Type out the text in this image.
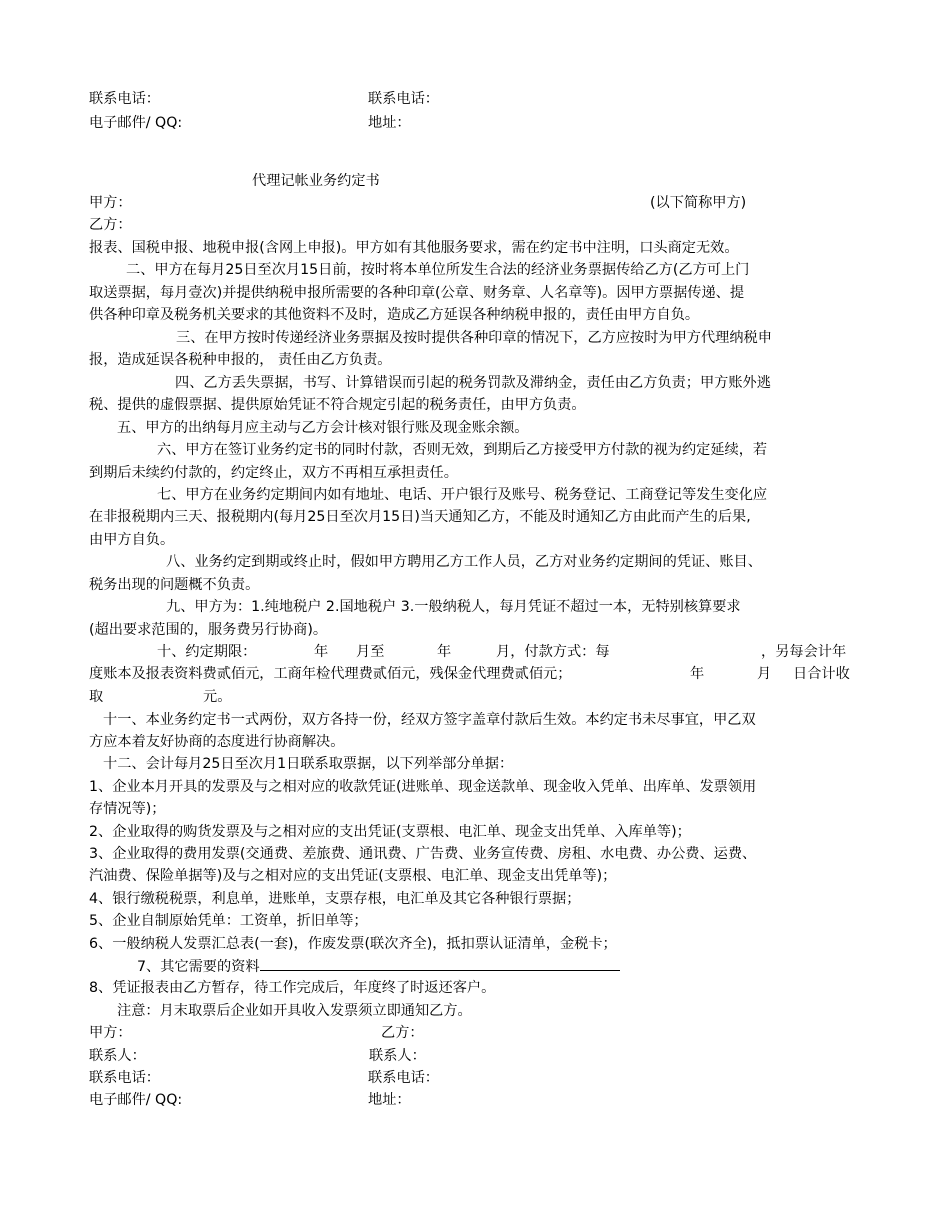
联系电话：	联系电话：
电子邮件/ QQ:	地址：
代理记帐业务约定书
甲方：	(以下简称甲方)
乙方：
报表、国税申报、地税申报(含网上申报)。甲方如有其他服务要求，需在约定书中注明，口头商定无效。
二、甲方在每月25日至次月15日前，按时将本单位所发生合法的经济业务票据传给乙方(乙方可上门
取送票据，每月壹次)并提供纳税申报所需要的各种印章(公章、财务章、人名章等)。因甲方票据传递、提
供各种印章及税务机关要求的其他资料不及时，造成乙方延误各种纳税申报的，责任由甲方自负。
三、在甲方按时传递经济业务票据及按时提供各种印章的情况下，乙方应按时为甲方代理纳税申
报，造成延误各税种申报的， 责任由乙方负责。
四、乙方丢失票据，书写、计算错误而引起的税务罚款及滞纳金，责任由乙方负责；甲方账外逃
税、提供的虚假票据、提供原始凭证不符合规定引起的税务责任，由甲方负责。
五、甲方的出纳每月应主动与乙方会计核对银行账及现金账余额。
六、甲方在签订业务约定书的同时付款，否则无效，到期后乙方接受甲方付款的视为约定延续，若
到期后未续约付款的，约定终止，双方不再相互承担责任。
七、甲方在业务约定期间内如有地址、电话、开户银行及账号、税务登记、工商登记等发生变化应
在非报税期内三天、报税期内(每月25日至次月15日)当天通知乙方，不能及时通知乙方由此而产生的后果,
由甲方自负。
八、业务约定到期或终止时，假如甲方聘用乙方工作人员，乙方对业务约定期间的凭证、账目、
税务出现的问题概不负责。
九、甲方为：1.纯地税户 2.国地税户 3.一般纳税人，每月凭证不超过一本，无特别核算要求
(超出要求范围的，服务费另行协商)。
十、约定期限：	年 月至	年	月，付款方式：每	，另每会计年
度账本及报表资料费贰佰元，工商年检代理费贰佰元，残保金代理费贰佰元；	年	月 日合计收
取	元。
十一、本业务约定书一式两份，双方各持一份，经双方签字盖章付款后生效。本约定书未尽事宜，甲乙双
方应本着友好协商的态度进行协商解决。
十二、会计每月25日至次月1日联系取票据，以下列举部分单据：
1、企业本月开具的发票及与之相对应的收款凭证(进账单、现金送款单、现金收入凭单、出库单、发票领用
存情况等)；
2、企业取得的购货发票及与之相对应的支出凭证(支票根、电汇单、现金支出凭单、入库单等)；
3、企业取得的费用发票(交通费、差旅费、通讯费、广告费、业务宣传费、房租、水电费、办公费、运费、
汽油费、保险单据等)及与之相对应的支出凭证(支票根、电汇单、现金支出凭单等)；
4、银行缴税税票，利息单，进账单，支票存根，电汇单及其它各种银行票据；
5、企业自制原始凭单：工资单，折旧单等；
6、一般纳税人发票汇总表(一套)，作废发票(联次齐全)，抵扣票认证清单，金税卡；
7、其它需要的资料
8、凭证报表由乙方暂存，待工作完成后，年度终了时返还客户。
注意：月末取票后企业如开具收入发票须立即通知乙方。
甲方：	乙方：
联系人：	联系人：
联系电话：	联系电话：
电子邮件/ QQ:	地址：
